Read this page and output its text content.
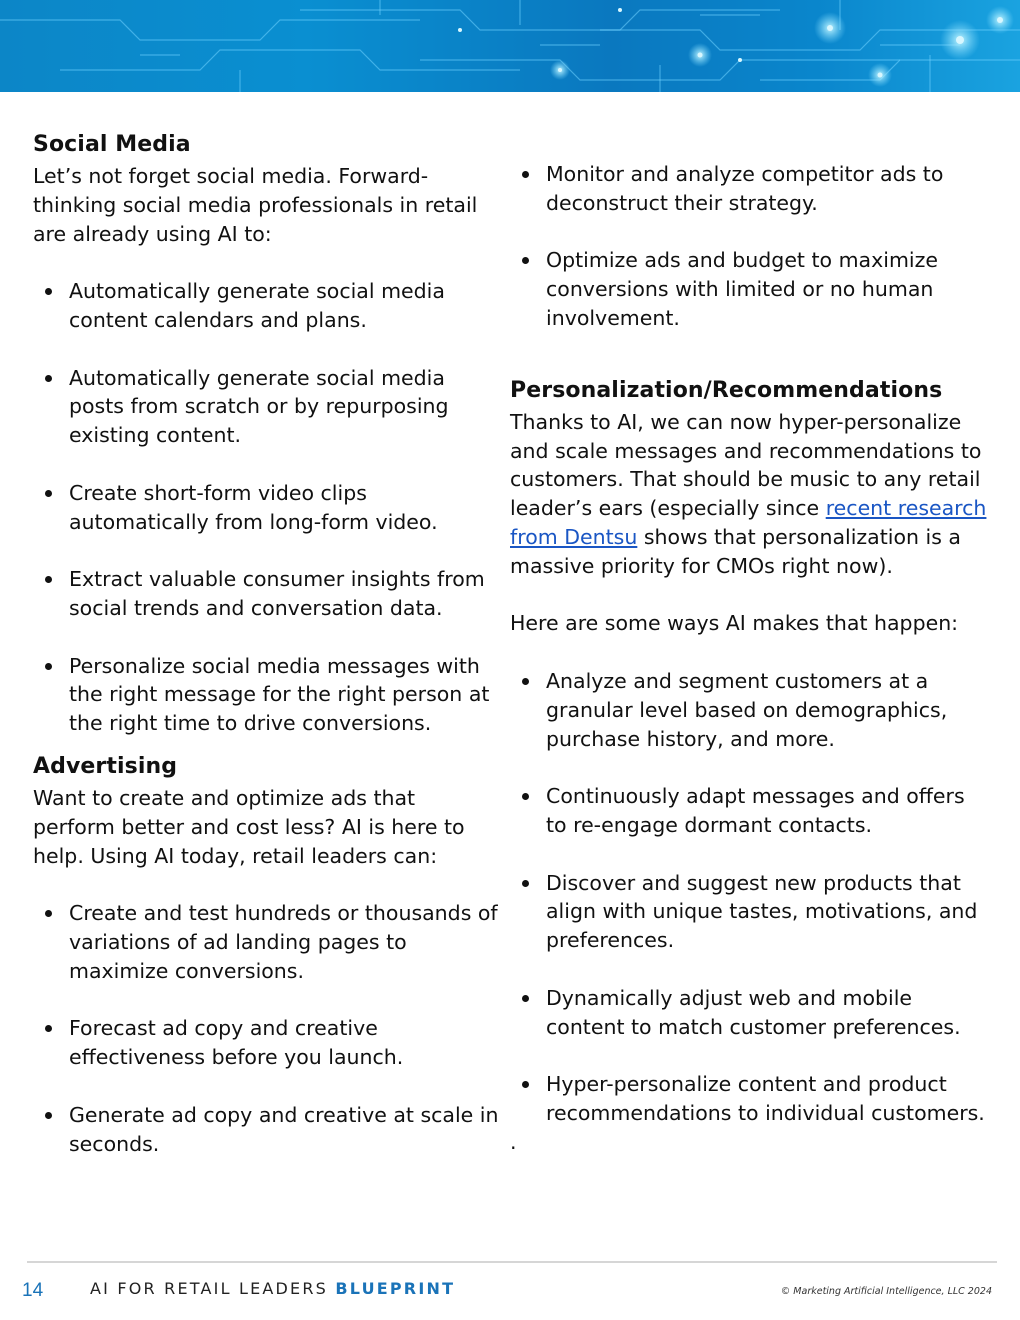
Social Media

Let’s not forget social media. Forward-thinking social media professionals in retail are already using AI to:

Automatically generate social media content calendars and plans.
Automatically generate social media posts from scratch or by repurposing existing content.
Create short-form video clips automatically from long-form video.
Extract valuable consumer insights from social trends and conversation data.
Personalize social media messages with the right message for the right person at the right time to drive conversions.
Advertising

Want to create and optimize ads that perform better and cost less? AI is here to help. Using AI today, retail leaders can:

Create and test hundreds or thousands of variations of ad landing pages to maximize conversions.
Forecast ad copy and creative effectiveness before you launch.
Generate ad copy and creative at scale in seconds.
Monitor and analyze competitor ads to deconstruct their strategy.
Optimize ads and budget to maximize conversions with limited or no human involvement.
Personalization/Recommendations

Thanks to AI, we can now hyper-personalize and scale messages and recommendations to customers. That should be music to any retail leader’s ears (especially since recent research from Dentsu shows that personalization is a massive priority for CMOs right now).

Here are some ways AI makes that happen:

Analyze and segment customers at a granular level based on demographics, purchase history, and more.
Continuously adapt messages and offers to re-engage dormant contacts.
Discover and suggest new products that align with unique tastes, motivations, and preferences.
Dynamically adjust web and mobile content to match customer preferences.
Hyper-personalize content and product recommendations to individual customers.

.

14	AI FOR RETAIL LEADERS BLUEPRINT	© Marketing Artificial Intelligence, LLC 2024
